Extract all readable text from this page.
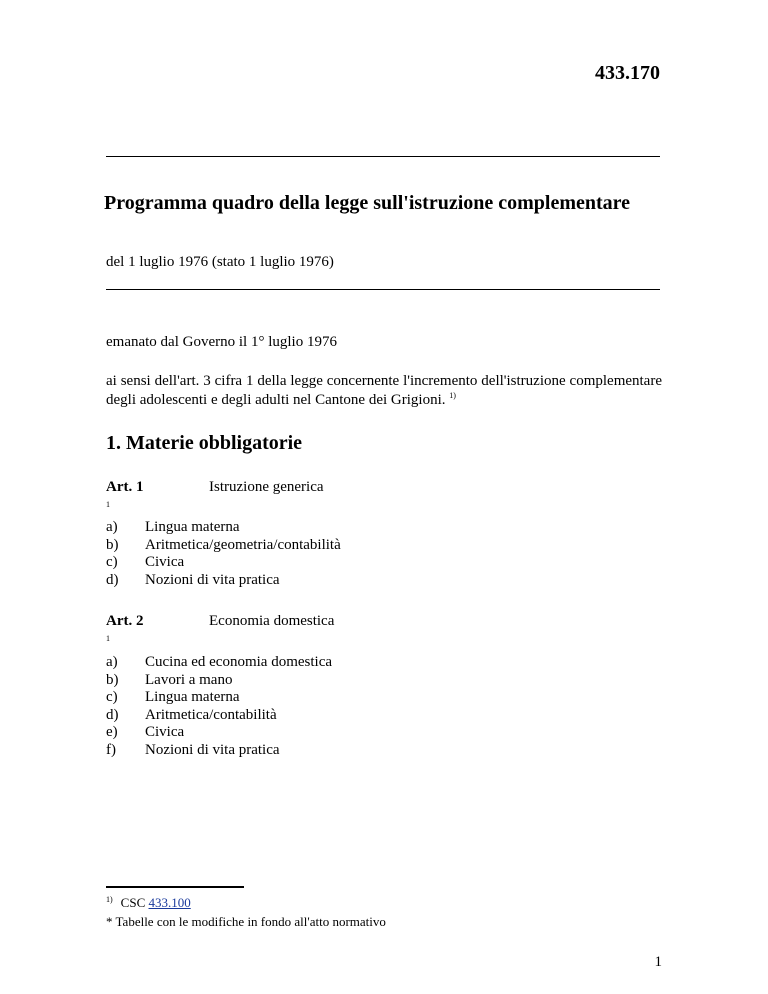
433.170
Programma quadro della legge sull'istruzione complementare
del 1 luglio 1976 (stato 1 luglio 1976)
emanato dal Governo il 1° luglio 1976
ai sensi dell'art. 3 cifra 1 della legge concernente l'incremento dell'istruzione complementare degli adolescenti e degli adulti nel Cantone dei Grigioni. $^{1)}$
1. Materie obbligatorie
Art. 1	Istruzione generica
1
a)	Lingua materna
b)	Aritmetica/geometria/contabilità
c)	Civica
d)	Nozioni di vita pratica
Art. 2	Economia domestica
1
a)	Cucina ed economia domestica
b)	Lavori a mano
c)	Lingua materna
d)	Aritmetica/contabilità
e)	Civica
f)	Nozioni di vita pratica
$^{1)}$ CSC 433.100
* Tabelle con le modifiche in fondo all'atto normativo
1
